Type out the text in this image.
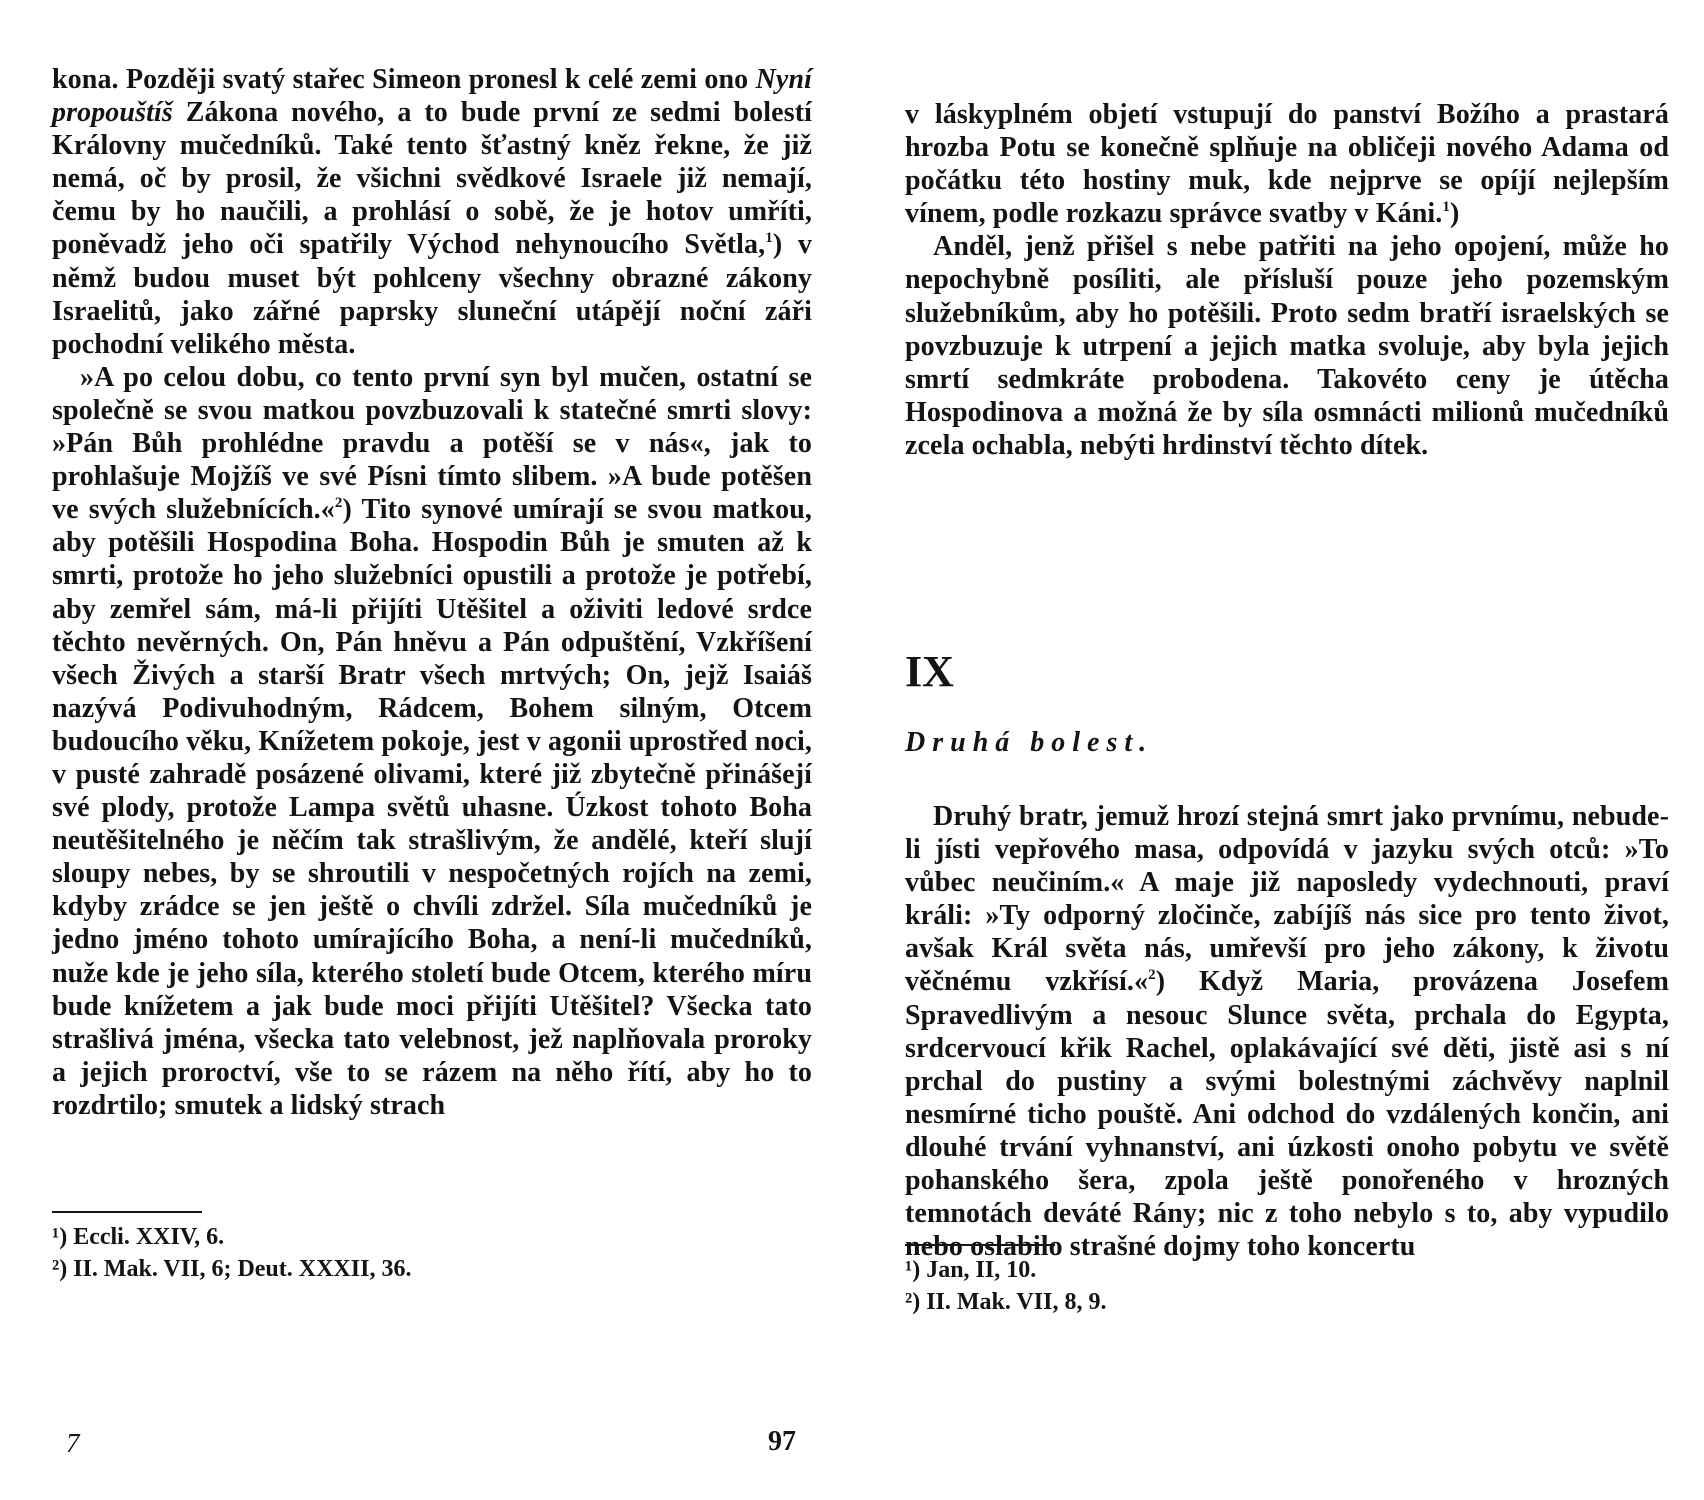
kona. Později svatý stařec Simeon pronesl k celé zemi ono Nyní propouštíš Zákona nového, a to bude první ze sedmi bolestí Královny mučedníků. Také tento šťastný kněz řekne, že již nemá, oč by prosil, že všichni svědkové Israele již nemají, čemu by ho naučili, a prohlásí o sobě, že je hotov umříti, poněvadž jeho oči spatřily Východ nehynoucího Světla,$^1$) v němž budou muset být pohlceny všechny obrazné zákony Israelitů, jako zářné paprsky sluneční utápějí noční záři pochodní velikého města.

»A po celou dobu, co tento první syn byl mučen, ostatní se společně se svou matkou povzbuzovali k statečné smrti slovy: »Pán Bůh prohlédne pravdu a potěší se v nás«, jak to prohlašuje Mojžíš ve své Písni tímto slibem. »A bude potěšen ve svých služebnících.«$^2$) Tito synové umírají se svou matkou, aby potěšili Hospodina Boha. Hospodin Bůh je smuten až k smrti, protože ho jeho služebníci opustili a protože je potřebí, aby zemřel sám, má-li přijíti Utěšitel a oživiti ledové srdce těchto nevěrných. On, Pán hněvu a Pán odpuštění, Vzkříšení všech Živých a starší Bratr všech mrtvých; On, jejž Isaiáš nazývá Podivuhodným, Rádcem, Bohem silným, Otcem budoucího věku, Knížetem pokoje, jest v agonii uprostřed noci, v pusté zahradě posázené olivami, které již zbytečně přinášejí své plody, protože Lampa světů uhasne. Úzkost tohoto Boha neutěšitelného je něčím tak strašlivým, že andělé, kteří slují sloupy nebes, by se shroutili v nespočetných rojích na zemi, kdyby zrádce se jen ještě o chvíli zdržel. Síla mučedníků je jedno jméno tohoto umírajícího Boha, a není-li mučedníků, nuže kde je jeho síla, kterého století bude Otcem, kterého míru bude knížetem a jak bude moci přijíti Utěšitel? Všecka tato strašlivá jména, všecka tato velebnost, jež naplňovala proroky a jejich proroctví, vše to se rázem na něho řítí, aby ho to rozdrtilo; smutek a lidský strach

¹) Eccli. XXIV, 6.
²) II. Mak. VII, 6; Deut. XXXII, 36.
7	97

v láskyplném objetí vstupují do panství Božího a prastará hrozba Potu se konečně splňuje na obličeji nového Adama od počátku této hostiny muk, kde nejprve se opíjí nejlepším vínem, podle rozkazu správce svatby v Káni.$^1$)

Anděl, jenž přišel s nebe patřiti na jeho opojení, může ho nepochybně posíliti, ale přísluší pouze jeho pozemským služebníkům, aby ho potěšili. Proto sedm bratří israelských se povzbuzuje k utrpení a jejich matka svoluje, aby byla jejich smrtí sedmkráte probodena. Takovéto ceny je útěcha Hospodinova a možná že by síla osmnácti milionů mučedníků zcela ochabla, nebýti hrdinství těchto dítek.

IX
Druhá bolest.

Druhý bratr, jemuž hrozí stejná smrt jako prvnímu, nebude-li jísti vepřového masa, odpovídá v jazyku svých otců: »To vůbec neučiním.« A maje již naposledy vydechnouti, praví králi: »Ty odporný zločinče, zabíjíš nás sice pro tento život, avšak Král světa nás, umřevší pro jeho zákony, k životu věčnému vzkřísí.«$^2$) Když Maria, provázena Josefem Spravedlivým a nesouc Slunce světa, prchala do Egypta, srdcervoucí křik Rachel, oplakávající své děti, jistě asi s ní prchal do pustiny a svými bolestnými záchvěvy naplnil nesmírné ticho pouště. Ani odchod do vzdálených končin, ani dlouhé trvání vyhnanství, ani úzkosti onoho pobytu ve světě pohanského šera, zpola ještě ponořeného v hrozných temnotách deváté Rány; nic z toho nebylo s to, aby vypudilo nebo oslabilo strašné dojmy toho koncertu

¹) Jan, II, 10.
²) II. Mak. VII, 8, 9.
